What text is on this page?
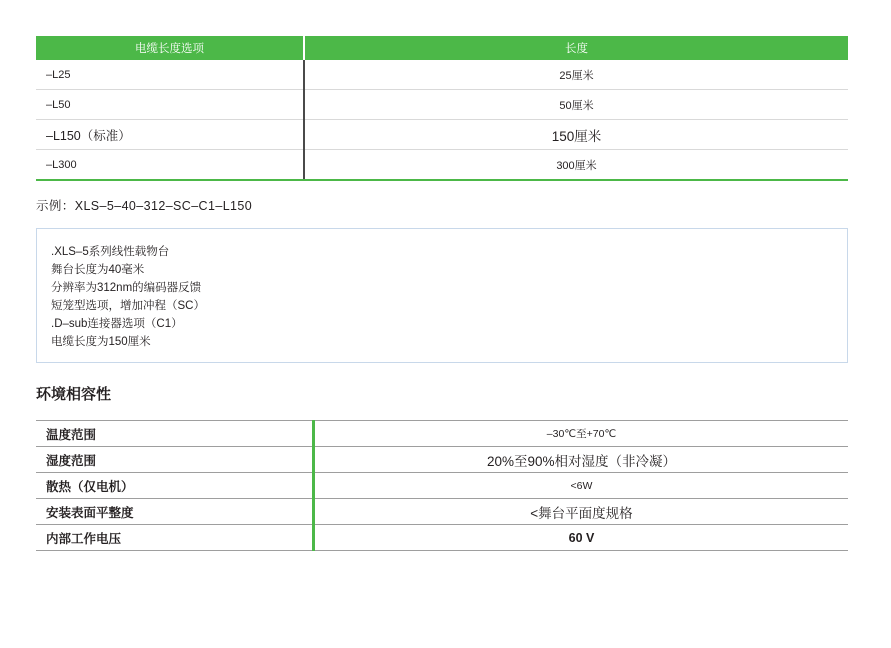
电缆长度选项	长度
–L25	25厘米
–L50	50厘米
–L150（标准）	150厘米
–L300	300厘米
示例：XLS–5–40–312–SC–C1–L150
.XLS–5系列线性载物台
舞台长度为40毫米
分辨率为312nm的编码器反馈
短笼型选项，增加冲程（SC）
.D–sub连接器选项（C1）
电缆长度为150厘米
环境相容性
温度范围	–30℃至+70℃
湿度范围	20%至90%相对湿度（非冷凝）
散热（仅电机）	<6W
安装表面平整度	<舞台平面度规格
内部工作电压	60 V
